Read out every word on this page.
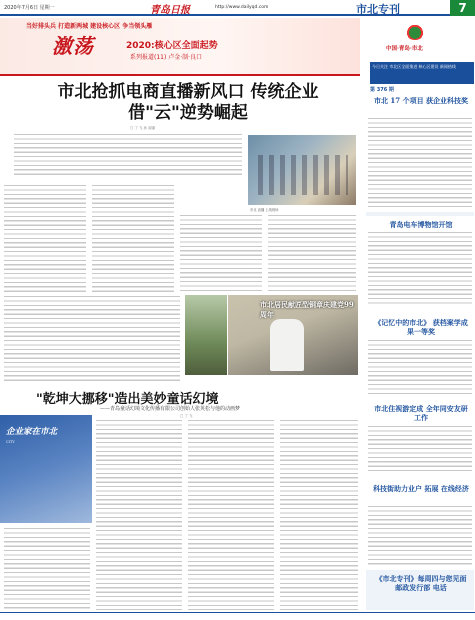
2020年7月6日 星期一	青岛日报	http://www.dailyqd.com	市北专刊	7
当好排头兵 打造新两城 建设核心区 争当领头雁
激荡	2020:核心区全面起势
系列报道(11) 卢金·制·良口
市北抢抓电商直播新风口 传统企业借"云"逆势崛起
□ 丁 飞 孙 丽丽
市北 直播 上线现场
市北居民献匠型铜章庆建党99周年
"乾坤大挪移"造出美妙童话幻境
——青岛童话幻境文化传播有限公司创始人张英松与他的动画梦
□ 丁 飞
企业家在市北
CITY
中国·青岛·市北
今日关注 市北区全面推进 核心区建设 新闻热线
第 376 期
市北 17 个项目 获企业科技奖
青岛电车博物馆开馆
《记忆中的市北》 获档案学成果一等奖
市北住视游定成 全年同安友研工作
科技街助力业户 拓展 在线经济
《市北专刊》每周四与您见面 邮政发行部 电话
